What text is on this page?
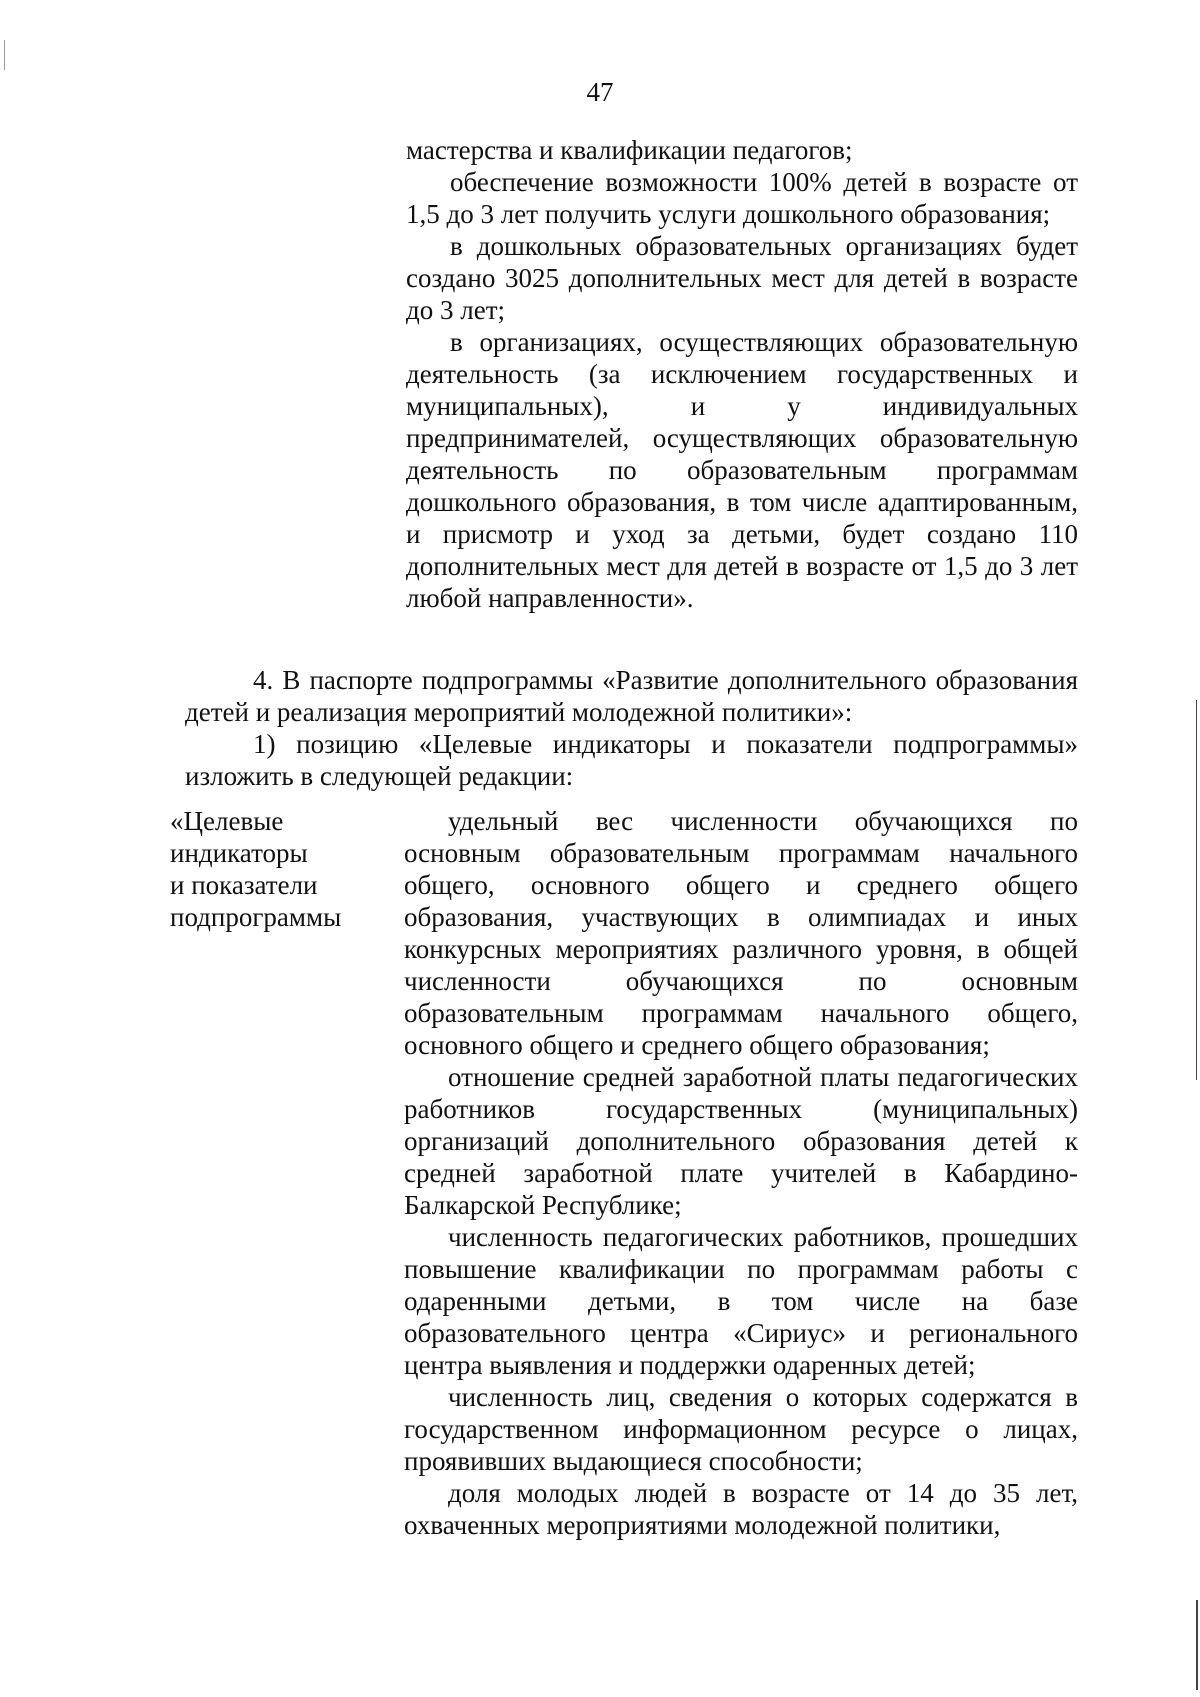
47

мастерства и квалификации педагогов;

обеспечение возможности 100% детей в возрасте от 1,5 до 3 лет получить услуги дошкольного образования;

в дошкольных образовательных организациях будет создано 3025 дополнительных мест для детей в возрасте до 3 лет;

в организациях, осуществляющих образовательную деятельность (за исключением государственных и муниципальных), и у индивидуальных предпринимателей, осуществляющих образовательную деятельность по образовательным программам дошкольного образования, в том числе адаптированным, и присмотр и уход за детьми, будет создано 110 дополнительных мест для детей в возрасте от 1,5 до 3 лет любой направленности».

4. В паспорте подпрограммы «Развитие дополнительного образования детей и реализация мероприятий молодежной политики»:

1) позицию «Целевые индикаторы и показатели подпрограммы» изложить в следующей редакции:

«Целевые
индикаторы
и показатели
подпрограммы

удельный вес численности обучающихся по основным образовательным программам начального общего, основного общего и среднего общего образования, участвующих в олимпиадах и иных конкурсных мероприятиях различного уровня, в общей численности обучающихся по основным образовательным программам начального общего, основного общего и среднего общего образования;

отношение средней заработной платы педагогических работников государственных (муниципальных) организаций дополнительного образования детей к средней заработной плате учителей в Кабардино-Балкарской Республике;

численность педагогических работников, прошедших повышение квалификации по программам работы с одаренными детьми, в том числе на базе образовательного центра «Сириус» и регионального центра выявления и поддержки одаренных детей;

численность лиц, сведения о которых содержатся в государственном информационном ресурсе о лицах, проявивших выдающиеся способности;

доля молодых людей в возрасте от 14 до 35 лет, охваченных мероприятиями молодежной политики,
